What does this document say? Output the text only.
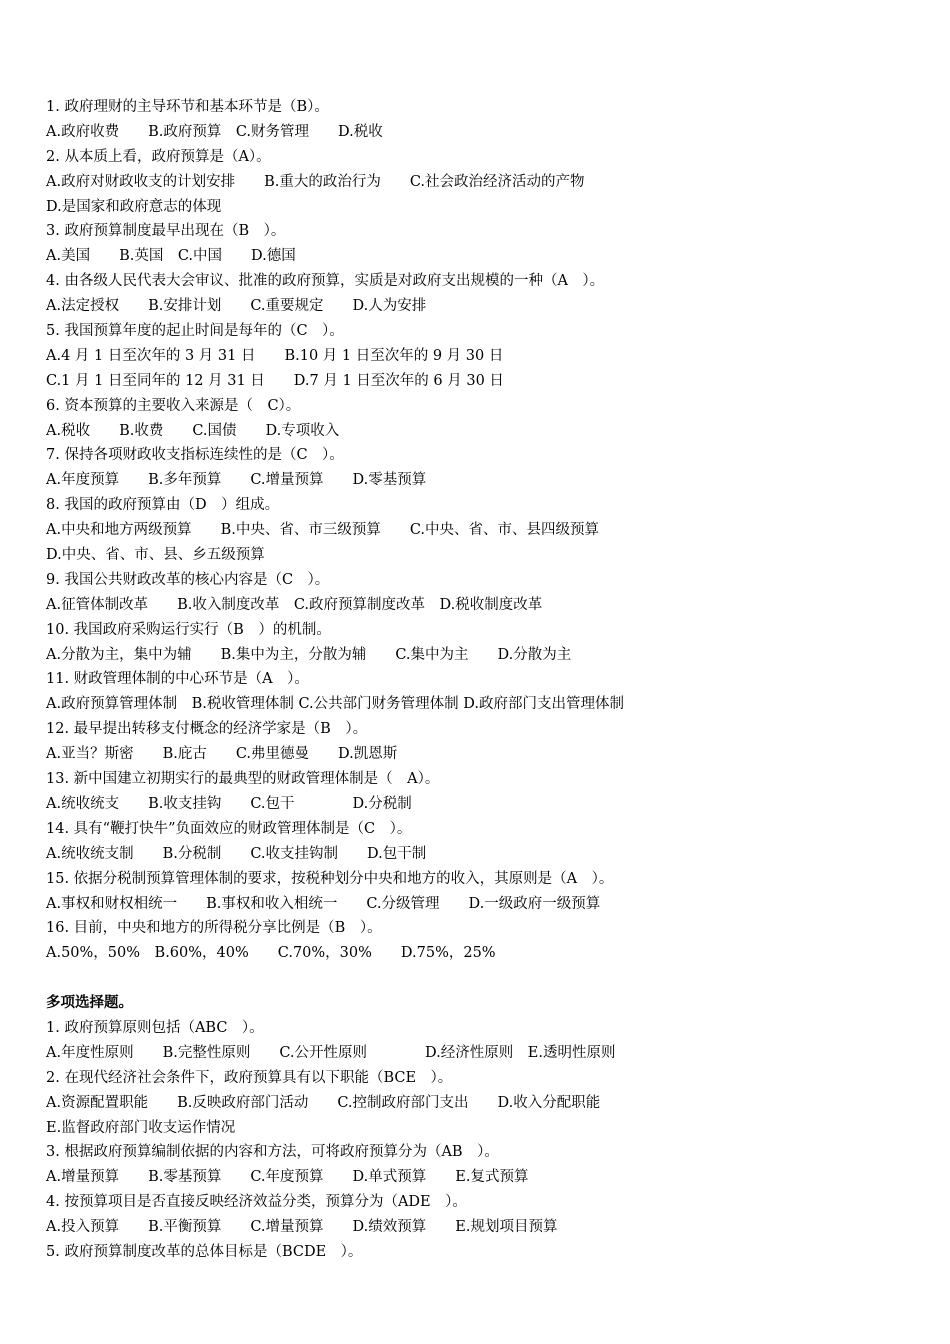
1. 政府理财的主导环节和基本环节是（B）。
A.政府收费　　B.政府预算　C.财务管理　　D.税收
2. 从本质上看，政府预算是（A）。
A.政府对财政收支的计划安排　　B.重大的政治行为　　C.社会政治经济活动的产物
D.是国家和政府意志的体现
3. 政府预算制度最早出现在（B　）。
A.美国　　B.英国　C.中国　　D.德国
4. 由各级人民代表大会审议、批准的政府预算，实质是对政府支出规模的一种（A　）。
A.法定授权　　B.安排计划　　C.重要规定　　D.人为安排
5. 我国预算年度的起止时间是每年的（C　）。
A.4 月 1 日至次年的 3 月 31 日　　B.10 月 1 日至次年的 9 月 30 日
C.1 月 1 日至同年的 12 月 31 日　　D.7 月 1 日至次年的 6 月 30 日
6. 资本预算的主要收入来源是（　C）。
A.税收　　B.收费　　C.国债　　D.专项收入
7. 保持各项财政收支指标连续性的是（C　）。
A.年度预算　　B.多年预算　　C.增量预算　　D.零基预算
8. 我国的政府预算由（D　）组成。
A.中央和地方两级预算　　B.中央、省、市三级预算　　C.中央、省、市、县四级预算
D.中央、省、市、县、乡五级预算
9. 我国公共财政改革的核心内容是（C　）。
A.征管体制改革　　B.收入制度改革　C.政府预算制度改革　D.税收制度改革
10. 我国政府采购运行实行（B　）的机制。
A.分散为主，集中为辅　　B.集中为主，分散为辅　　C.集中为主　　D.分散为主
11. 财政管理体制的中心环节是（A　）。
A.政府预算管理体制　B.税收管理体制 C.公共部门财务管理体制 D.政府部门支出管理体制
12. 最早提出转移支付概念的经济学家是（B　）。
A.亚当？斯密　　B.庇古　　C.弗里德曼　　D.凯恩斯
13. 新中国建立初期实行的最典型的财政管理体制是（　A）。
A.统收统支　　B.收支挂钩　　C.包干　　　　D.分税制
14. 具有“鞭打快牛”负面效应的财政管理体制是（C　）。
A.统收统支制　　B.分税制　　C.收支挂钩制　　D.包干制
15. 依据分税制预算管理体制的要求，按税种划分中央和地方的收入，其原则是（A　）。
A.事权和财权相统一　　B.事权和收入相统一　　C.分级管理　　D.一级政府一级预算
16. 目前，中央和地方的所得税分享比例是（B　）。
A.50%，50%　B.60%，40%　　C.70%，30%　　D.75%，25%
多项选择题。
1. 政府预算原则包括（ABC　）。
A.年度性原则　　B.完整性原则　　C.公开性原则　　　　D.经济性原则　E.透明性原则
2. 在现代经济社会条件下，政府预算具有以下职能（BCE　）。
A.资源配置职能　　B.反映政府部门活动　　C.控制政府部门支出　　D.收入分配职能
E.监督政府部门收支运作情况
3. 根据政府预算编制依据的内容和方法，可将政府预算分为（AB　）。
A.增量预算　　B.零基预算　　C.年度预算　　D.单式预算　　E.复式预算
4. 按预算项目是否直接反映经济效益分类，预算分为（ADE　）。
A.投入预算　　B.平衡预算　　C.增量预算　　D.绩效预算　　E.规划项目预算
5. 政府预算制度改革的总体目标是（BCDE　）。
